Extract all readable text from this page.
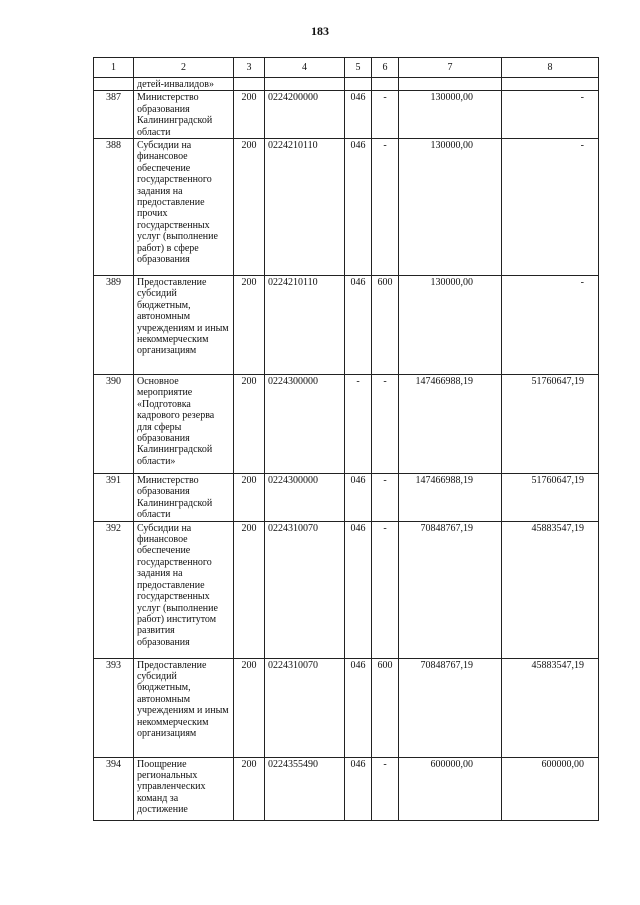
183
1	2	3	4	5	6	7	8
	детей-инвалидов»						
387	Министерство образования Калининградской области	200	0224200000	046	-	130000,00	-
388	Субсидии на финансовое обеспечение государственного задания на предоставление прочих государственных услуг (выполнение работ) в сфере образования	200	0224210110	046	-	130000,00	-
389	Предоставление субсидий бюджетным, автономным учреждениям и иным некоммерческим организациям	200	0224210110	046	600	130000,00	-
390	Основное мероприятие «Подготовка кадрового резерва для сферы образования Калининградской области»	200	0224300000	-	-	147466988,19	51760647,19
391	Министерство образования Калининградской области	200	0224300000	046	-	147466988,19	51760647,19
392	Субсидии на финансовое обеспечение государственного задания на предоставление государственных услуг (выполнение работ) институтом развития образования	200	0224310070	046	-	70848767,19	45883547,19
393	Предоставление субсидий бюджетным, автономным учреждениям и иным некоммерческим организациям	200	0224310070	046	600	70848767,19	45883547,19
394	Поощрение региональных управленческих команд за достижение	200	0224355490	046	-	600000,00	600000,00
